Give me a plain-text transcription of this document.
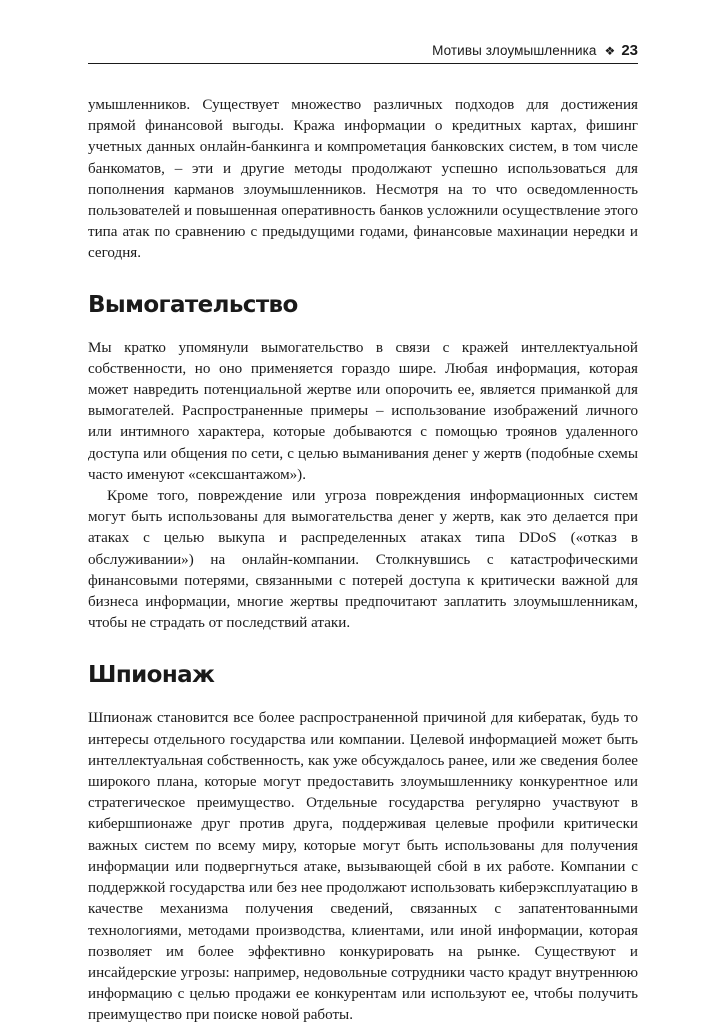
Мотивы злоумышленника ❖ 23

умышленников. Существует множество различных подходов для достижения прямой финансовой выгоды. Кража информации о кредитных картах, фишинг учетных данных онлайн-банкинга и компрометация банковских систем, в том числе банкоматов, – эти и другие методы продолжают успешно использоваться для пополнения карманов злоумышленников. Несмотря на то что осведомленность пользователей и повышенная оперативность банков усложнили осуществление этого типа атак по сравнению с предыдущими годами, финансовые махинации нередки и сегодня.

Вымогательство

Мы кратко упомянули вымогательство в связи с кражей интеллектуальной собственности, но оно применяется гораздо шире. Любая информация, которая может навредить потенциальной жертве или опорочить ее, является приманкой для вымогателей. Распространенные примеры – использование изображений личного или интимного характера, которые добываются с помощью троянов удаленного доступа или общения по сети, с целью выманивания денег у жертв (подобные схемы часто именуют «сексшантажом»).

Кроме того, повреждение или угроза повреждения информационных систем могут быть использованы для вымогательства денег у жертв, как это делается при атаках с целью выкупа и распределенных атаках типа DDoS («отказ в обслуживании») на онлайн-компании. Столкнувшись с катастрофическими финансовыми потерями, связанными с потерей доступа к критически важной для бизнеса информации, многие жертвы предпочитают заплатить злоумышленникам, чтобы не страдать от последствий атаки.

Шпионаж

Шпионаж становится все более распространенной причиной для кибератак, будь то интересы отдельного государства или компании. Целевой информацией может быть интеллектуальная собственность, как уже обсуждалось ранее, или же сведения более широкого плана, которые могут предоставить злоумышленнику конкурентное или стратегическое преимущество. Отдельные государства регулярно участвуют в кибершпионаже друг против друга, поддерживая целевые профили критически важных систем по всему миру, которые могут быть использованы для получения информации или подвергнуться атаке, вызывающей сбой в их работе. Компании с поддержкой государства или без нее продолжают использовать киберэксплуатацию в качестве механизма получения сведений, связанных с запатентованными технологиями, методами производства, клиентами, или иной информации, которая позволяет им более эффективно конкурировать на рынке. Существуют и инсайдерские угрозы: например, недовольные сотрудники часто крадут внутреннюю информацию с целью продажи ее конкурентам или используют ее, чтобы получить преимущество при поиске новой работы.
